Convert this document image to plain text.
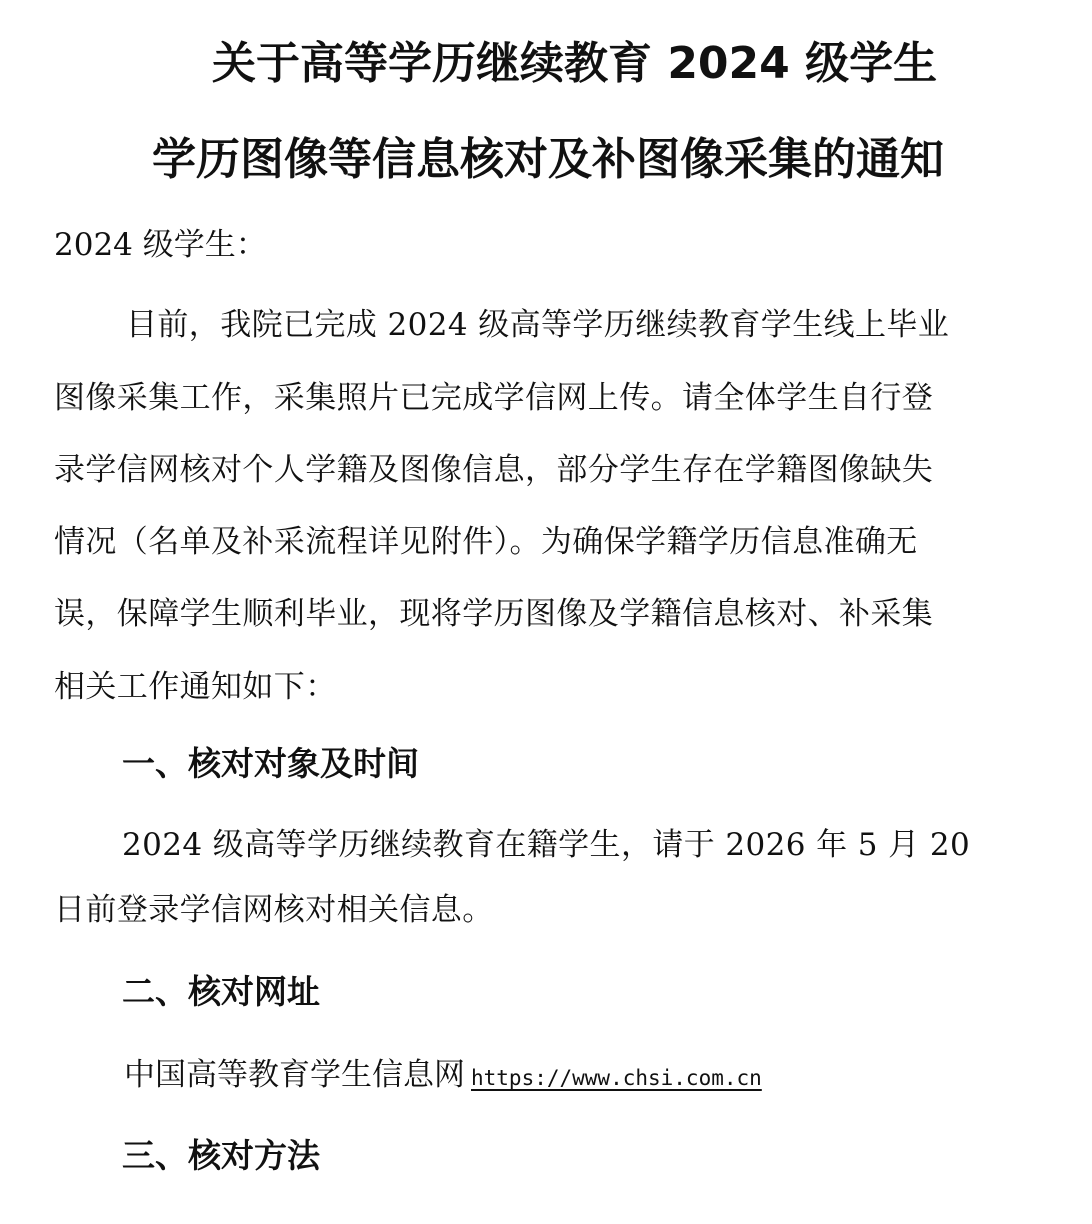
关于高等学历继续教育 2024 级学生
学历图像等信息核对及补图像采集的通知
2024 级学生：
目前，我院已完成 2024 级高等学历继续教育学生线上毕业
图像采集工作，采集照片已完成学信网上传。请全体学生自行登
录学信网核对个人学籍及图像信息，部分学生存在学籍图像缺失
情况（名单及补采流程详见附件）。为确保学籍学历信息准确无
误，保障学生顺利毕业，现将学历图像及学籍信息核对、补采集
相关工作通知如下：
一、核对对象及时间
2024 级高等学历继续教育在籍学生，请于 2026 年 5 月 20
日前登录学信网核对相关信息。
二、核对网址
中国高等教育学生信息网 https://www.chsi.com.cn
三、核对方法
